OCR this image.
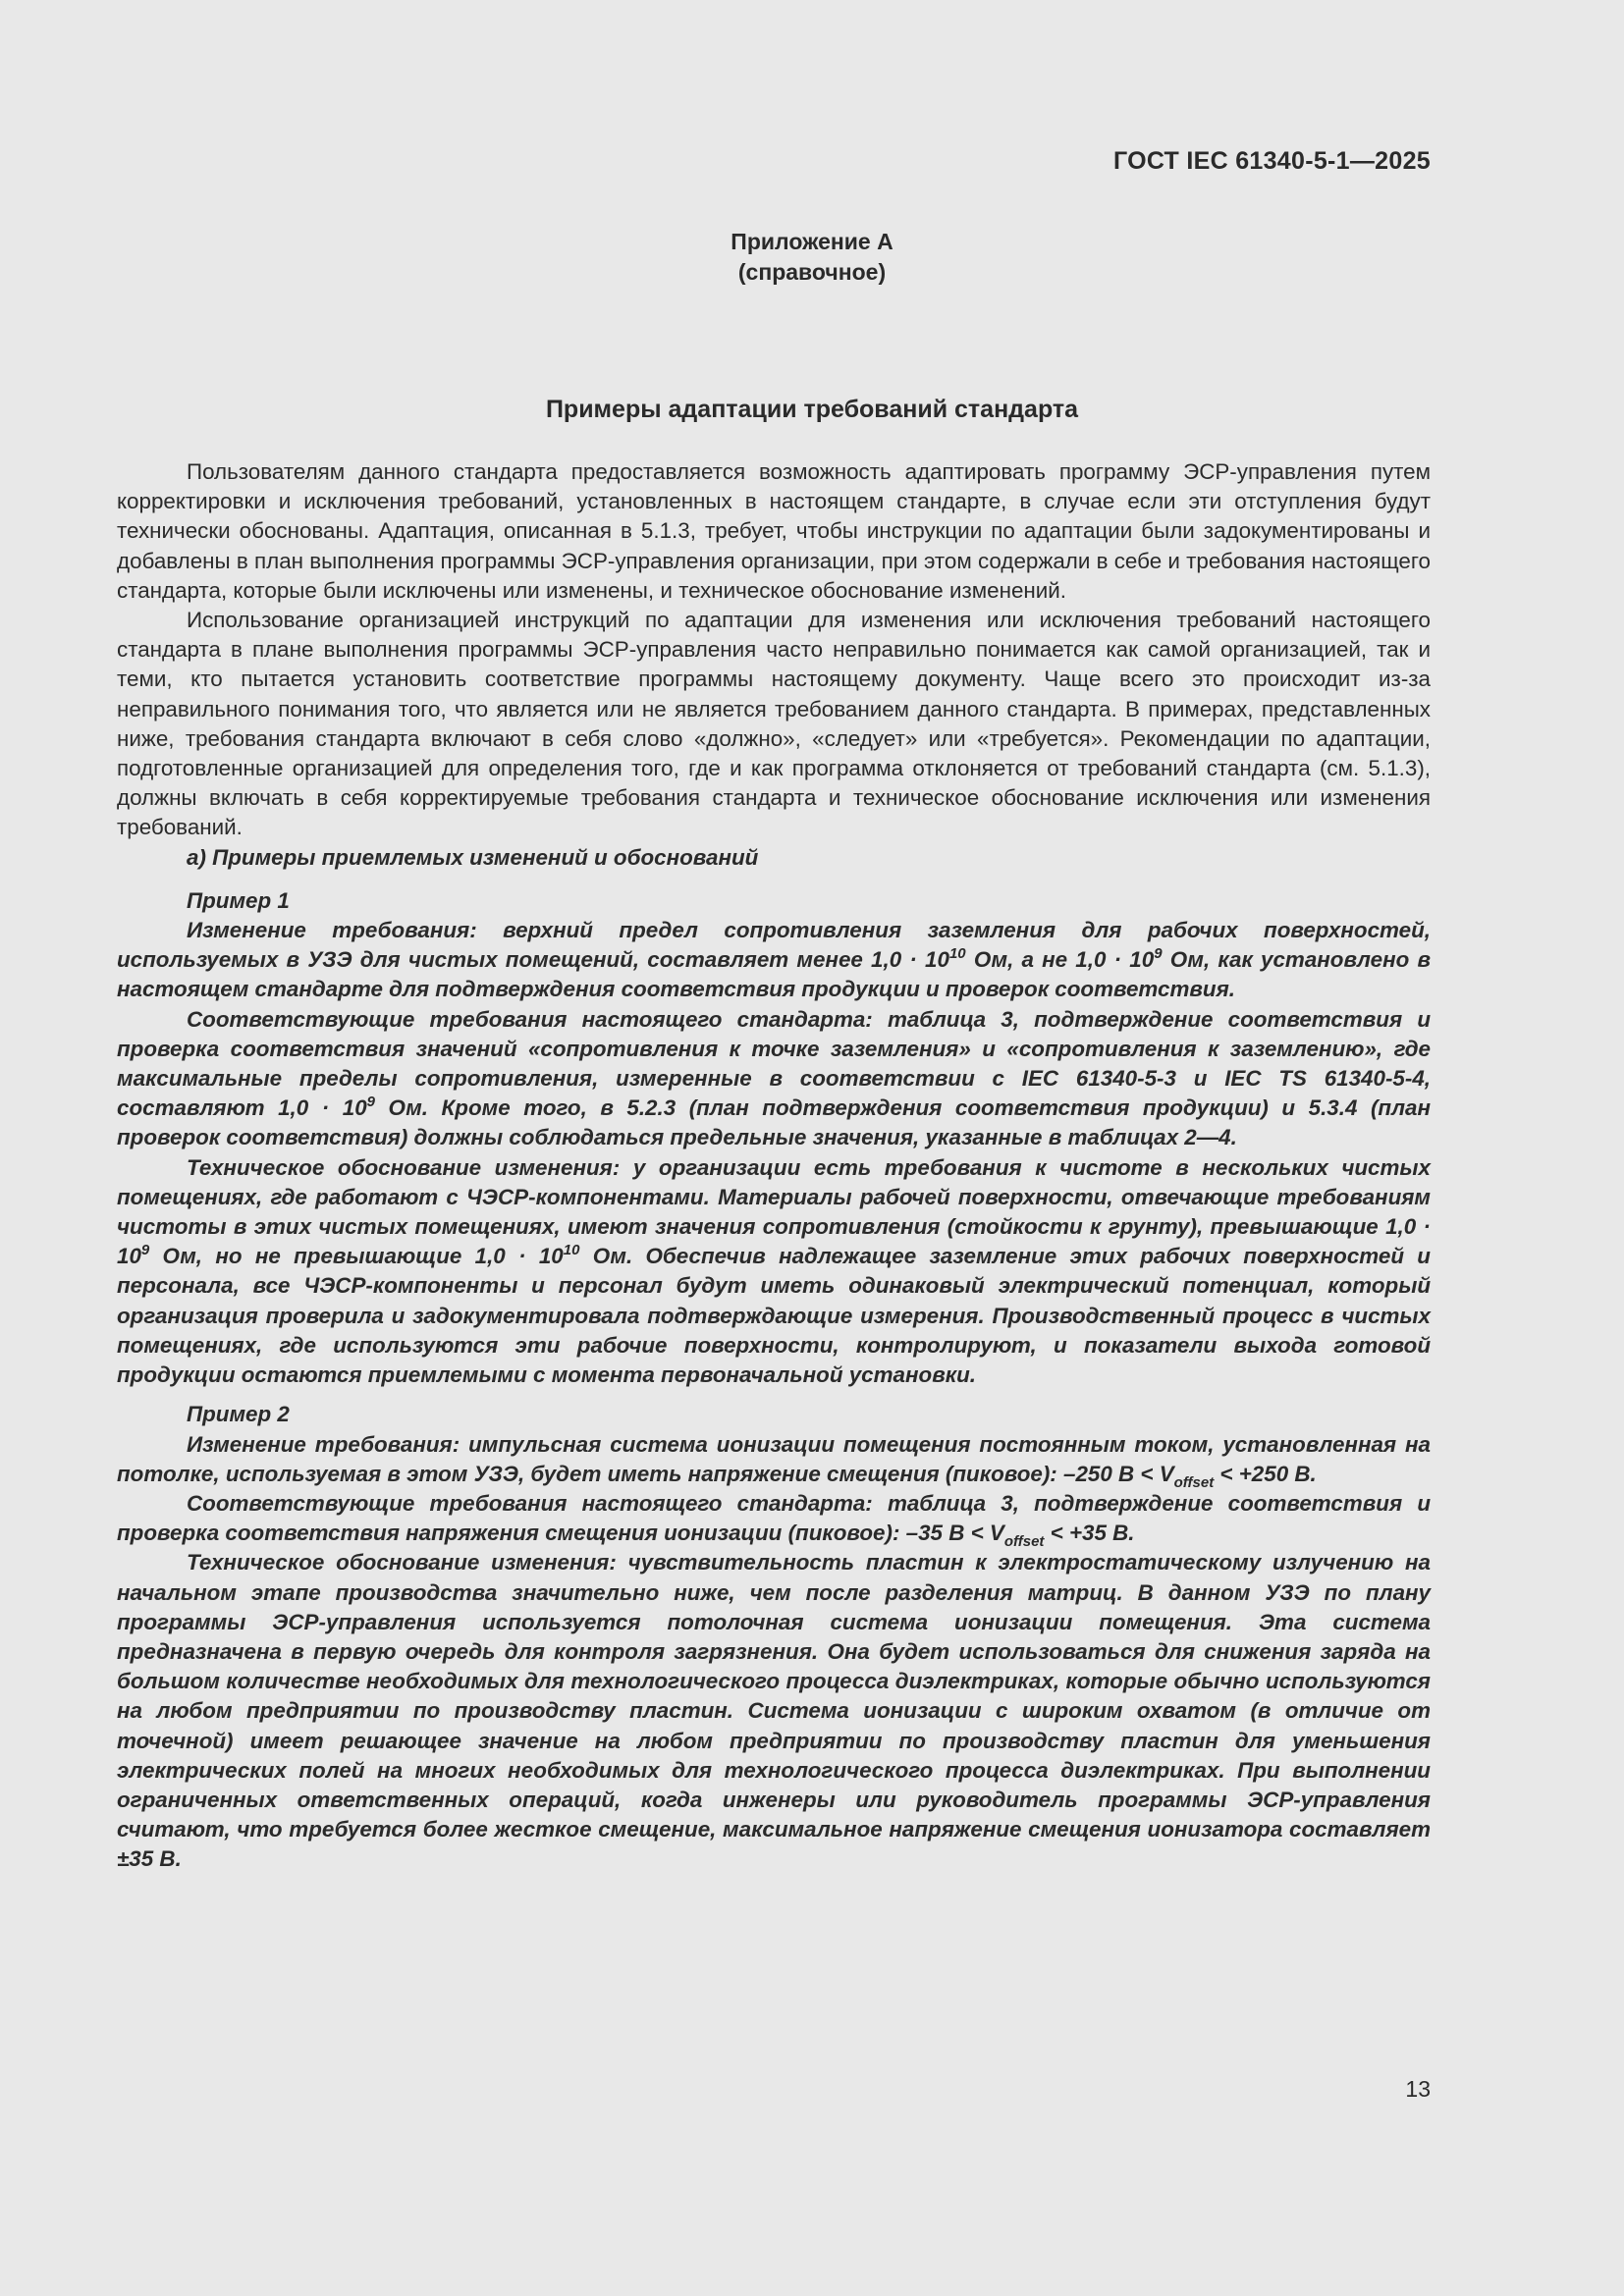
ГОСТ IEC 61340-5-1—2025
Приложение А
(справочное)
Примеры адаптации требований стандарта

Пользователям данного стандарта предоставляется возможность адаптировать программу ЭСР-управления путем корректировки и исключения требований, установленных в настоящем стандарте, в случае если эти отступления будут технически обоснованы. Адаптация, описанная в 5.1.3, требует, чтобы инструкции по адаптации были задокументированы и добавлены в план выполнения программы ЭСР-управления организации, при этом содержали в себе и требования настоящего стандарта, которые были исключены или изменены, и техническое обоснование изменений.

Использование организацией инструкций по адаптации для изменения или исключения требований настоящего стандарта в плане выполнения программы ЭСР-управления часто неправильно понимается как самой организацией, так и теми, кто пытается установить соответствие программы настоящему документу. Чаще всего это происходит из-за неправильного понимания того, что является или не является требованием данного стандарта. В примерах, представленных ниже, требования стандарта включают в себя слово «должно», «следует» или «требуется». Рекомендации по адаптации, подготовленные организацией для определения того, где и как программа отклоняется от требований стандарта (см. 5.1.3), должны включать в себя корректируемые требования стандарта и техническое обоснование исключения или изменения требований.

а) Примеры приемлемых изменений и обоснований

Пример 1

Изменение требования: верхний предел сопротивления заземления для рабочих поверхностей, используемых в УЗЭ для чистых помещений, составляет менее $1,0 \cdot 10^{10}$ Ом, а не $1,0 \cdot 10^9$ Ом, как установлено в настоящем стандарте для подтверждения соответствия продукции и проверок соответствия.

Соответствующие требования настоящего стандарта: таблица 3, подтверждение соответствия и проверка соответствия значений «сопротивления к точке заземления» и «сопротивления к заземлению», где максимальные пределы сопротивления, измеренные в соответствии с IEC 61340-5-3 и IEC TS 61340-5-4, составляют $1,0 \cdot 10^9$ Ом. Кроме того, в 5.2.3 (план подтверждения соответствия продукции) и 5.3.4 (план проверок соответствия) должны соблюдаться предельные значения, указанные в таблицах 2—4.

Техническое обоснование изменения: у организации есть требования к чистоте в нескольких чистых помещениях, где работают с ЧЭСР-компонентами. Материалы рабочей поверхности, отвечающие требованиям чистоты в этих чистых помещениях, имеют значения сопротивления (стойкости к грунту), превышающие $1,0 \cdot 10^9$ Ом, но не превышающие $1,0 \cdot 10^{10}$ Ом. Обеспечив надлежащее заземление этих рабочих поверхностей и персонала, все ЧЭСР-компоненты и персонал будут иметь одинаковый электрический потенциал, который организация проверила и задокументировала подтверждающие измерения. Производственный процесс в чистых помещениях, где используются эти рабочие поверхности, контролируют, и показатели выхода готовой продукции остаются приемлемыми с момента первоначальной установки.

Пример 2

Изменение требования: импульсная система ионизации помещения постоянным током, установленная на потолке, используемая в этом УЗЭ, будет иметь напряжение смещения (пиковое): –250 $В < V_{offset} < +250$ В.

Соответствующие требования настоящего стандарта: таблица 3, подтверждение соответствия и проверка соответствия напряжения смещения ионизации (пиковое): –35 $В < V_{offset} < +35$ В.

Техническое обоснование изменения: чувствительность пластин к электростатическому излучению на начальном этапе производства значительно ниже, чем после разделения матриц. В данном УЗЭ по плану программы ЭСР-управления используется потолочная система ионизации помещения. Эта система предназначена в первую очередь для контроля загрязнения. Она будет использоваться для снижения заряда на большом количестве необходимых для технологического процесса диэлектриках, которые обычно используются на любом предприятии по производству пластин. Система ионизации с широким охватом (в отличие от точечной) имеет решающее значение на любом предприятии по производству пластин для уменьшения электрических полей на многих необходимых для технологического процесса диэлектриках. При выполнении ограниченных ответственных операций, когда инженеры или руководитель программы ЭСР-управления считают, что требуется более жесткое смещение, максимальное напряжение смещения ионизатора составляет ±35 В.

13
